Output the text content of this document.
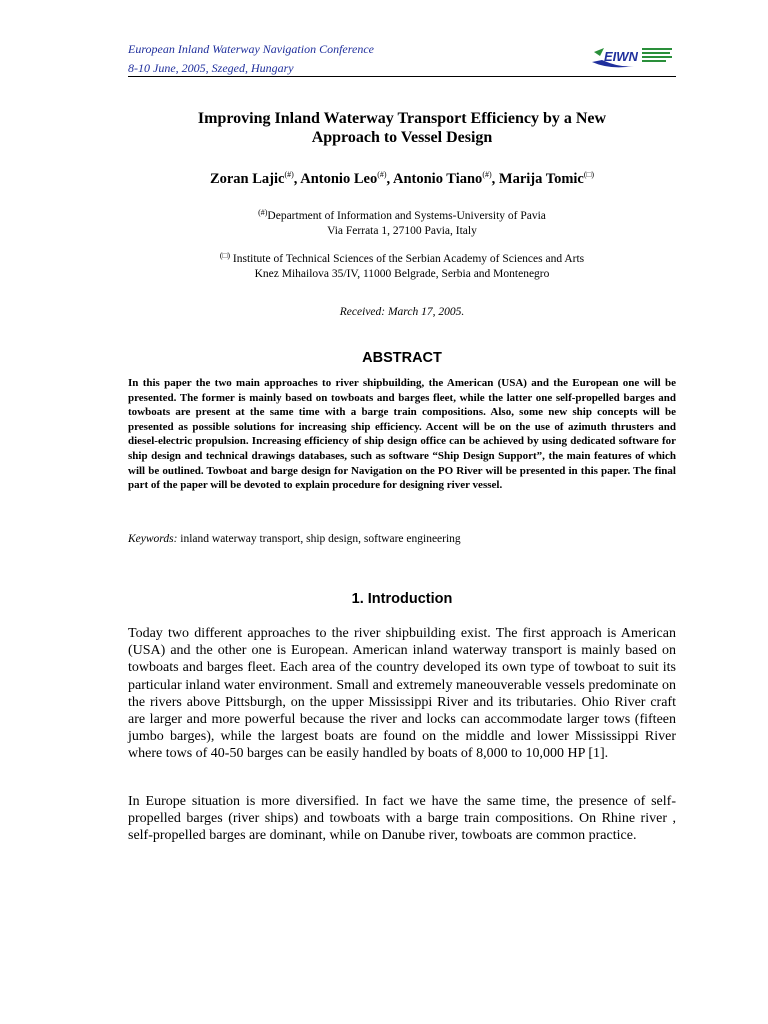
European Inland Waterway Navigation Conference
8-10 June, 2005, Szeged, Hungary
EIWN
Improving Inland Waterway Transport Efficiency by a New
Approach to Vessel Design
Zoran Lajic(#), Antonio Leo(#), Antonio Tiano(#), Marija Tomic(□)
(#)Department of Information and Systems-University of Pavia
Via Ferrata 1, 27100 Pavia, Italy
(□) Institute of Technical Sciences of the Serbian Academy of Sciences and Arts
Knez Mihailova 35/IV, 11000 Belgrade, Serbia and Montenegro
Received: March 17, 2005.
ABSTRACT
In this paper the two main approaches to river shipbuilding, the American (USA) and the European one will be presented. The former is mainly based on towboats and barges fleet, while the latter one self-propelled barges and towboats are present at the same time with a barge train compositions. Also, some new ship concepts will be presented as possible solutions for increasing ship efficiency. Accent will be on the use of azimuth thrusters and diesel-electric propulsion. Increasing efficiency of ship design office can be achieved by using dedicated software for ship design and technical drawings databases, such as software “Ship Design Support”, the main features of which will be outlined. Towboat and barge design for Navigation on the PO River will be presented in this paper. The final part of the paper will be devoted to explain procedure for designing river vessel.
Keywords: inland waterway transport, ship design, software engineering
1. Introduction
Today two different approaches to the river shipbuilding exist. The first approach is American (USA) and the other one is European. American inland waterway transport is mainly based on towboats and barges fleet. Each area of the country developed its own type of towboat to suit its particular inland water environment. Small and extremely maneouverable vessels predominate on the rivers above Pittsburgh, on the upper Mississippi River and its tributaries. Ohio River craft are larger and more powerful because the river and locks can accommodate larger tows (fifteen jumbo barges), while the largest boats are found on the middle and lower Mississippi River where tows of 40-50 barges can be easily handled by boats of 8,000 to 10,000 HP [1].
In Europe situation is more diversified. In fact we have the same time, the presence of self-propelled barges (river ships) and towboats with a barge train compositions. On Rhine river , self-propelled barges are dominant, while on Danube river, towboats are common practice.
